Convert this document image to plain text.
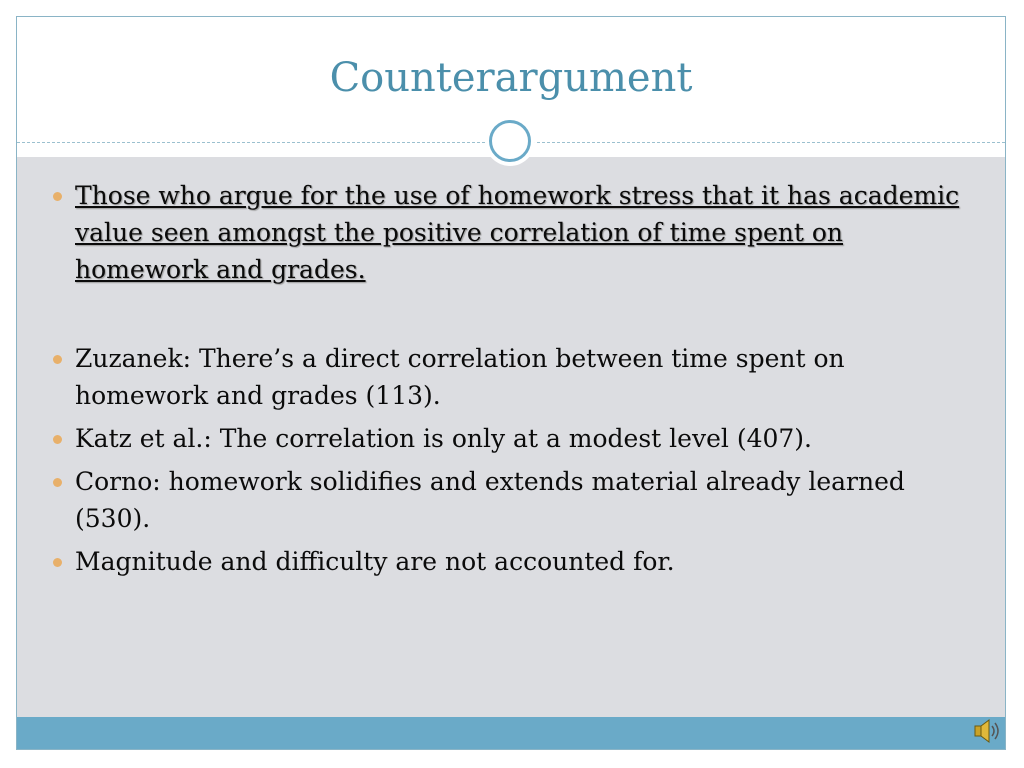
Counterargument
Those who argue for the use of homework stress that it has academic value seen amongst the positive correlation of time spent on homework and grades.
Zuzanek: There’s a direct correlation between time spent on homework and grades (113).
Katz et al.: The correlation is only at a modest level (407).
Corno: homework solidifies and extends material already learned (530).
Magnitude and difficulty are not accounted for.
